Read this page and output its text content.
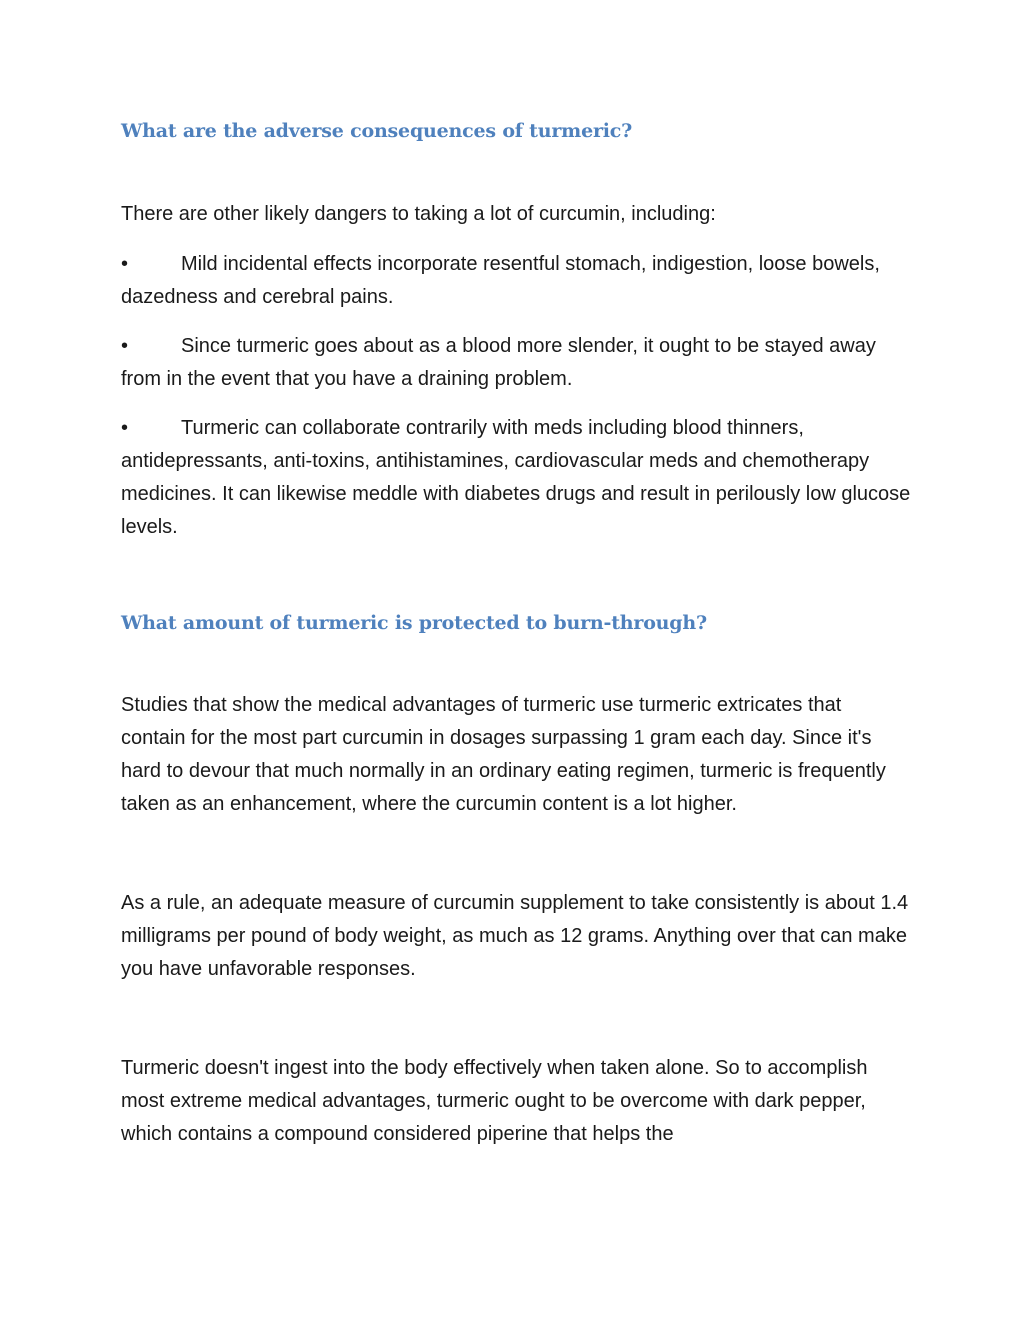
What are the adverse consequences of turmeric?

There are other likely dangers to taking a lot of curcumin, including:

•	Mild incidental effects incorporate resentful stomach, indigestion, loose bowels, dazedness and cerebral pains.

•	Since turmeric goes about as a blood more slender, it ought to be stayed away from in the event that you have a draining problem.

•	Turmeric can collaborate contrarily with meds including blood thinners, antidepressants, anti-toxins, antihistamines, cardiovascular meds and chemotherapy medicines. It can likewise meddle with diabetes drugs and result in perilously low glucose levels.

What amount of turmeric is protected to burn-through?

Studies that show the medical advantages of turmeric use turmeric extricates that contain for the most part curcumin in dosages surpassing 1 gram each day. Since it's hard to devour that much normally in an ordinary eating regimen, turmeric is frequently taken as an enhancement, where the curcumin content is a lot higher.

As a rule, an adequate measure of curcumin supplement to take consistently is about 1.4 milligrams per pound of body weight, as much as 12 grams. Anything over that can make you have unfavorable responses.

Turmeric doesn't ingest into the body effectively when taken alone. So to accomplish most extreme medical advantages, turmeric ought to be overcome with dark pepper, which contains a compound considered piperine that helps the
